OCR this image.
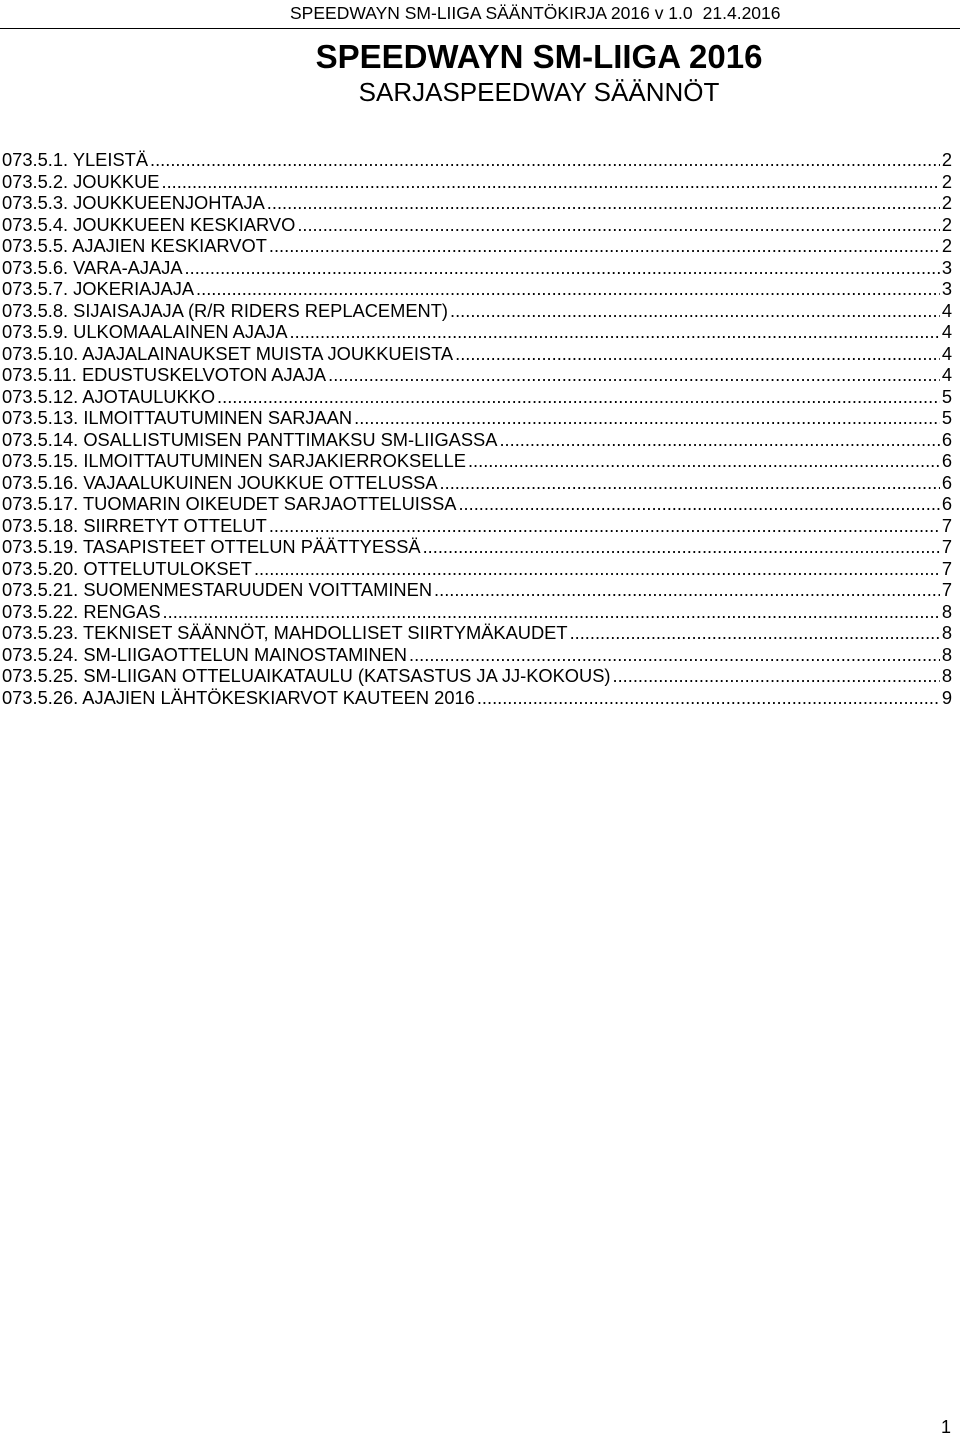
SPEEDWAYN SM-LIIGA SÄÄNTÖKIRJA 2016 v 1.0 21.4.2016
SPEEDWAYN SM-LIIGA 2016
SARJASPEEDWAY SÄÄNNÖT
073.5.1. YLEISTÄ .....	2
073.5.2. JOUKKUE .....	2
073.5.3. JOUKKUEENJOHTAJA .....	2
073.5.4. JOUKKUEEN KESKIARVO .....	2
073.5.5. AJAJIEN KESKIARVOT .....	2
073.5.6. VARA-AJAJA .....	3
073.5.7. JOKERIAJAJA .....	3
073.5.8. SIJAISAJAJA (R/R RIDERS REPLACEMENT) .....	4
073.5.9. ULKOMAALAINEN AJAJA .....	4
073.5.10. AJAJALAINAUKSET MUISTA JOUKKUEISTA .....	4
073.5.11. EDUSTUSKELVOTON AJAJA .....	4
073.5.12. AJOTAULUKKO .....	5
073.5.13. ILMOITTAUTUMINEN SARJAAN .....	5
073.5.14. OSALLISTUMISEN PANTTIMAKSU SM-LIIGASSA .....	6
073.5.15. ILMOITTAUTUMINEN SARJAKIERROKSELLE .....	6
073.5.16. VAJAALUKUINEN JOUKKUE OTTELUSSA .....	6
073.5.17. TUOMARIN OIKEUDET SARJAOTTELUISSA .....	6
073.5.18. SIIRRETYT OTTELUT .....	7
073.5.19. TASAPISTEET OTTELUN PÄÄTTYESSÄ .....	7
073.5.20. OTTELUTULOKSET .....	7
073.5.21. SUOMENMESTARUUDEN VOITTAMINEN .....	7
073.5.22. RENGAS .....	8
073.5.23. TEKNISET SÄÄNNÖT, MAHDOLLISET SIIRTYMÄKAUDET .....	8
073.5.24. SM-LIIGAOTTELUN MAINOSTAMINEN .....	8
073.5.25. SM-LIIGAN OTTELUAIKATAULU (KATSASTUS JA JJ-KOKOUS) .....	8
073.5.26. AJAJIEN LÄHTÖKESKIARVOT KAUTEEN 2016 .....	9
1
